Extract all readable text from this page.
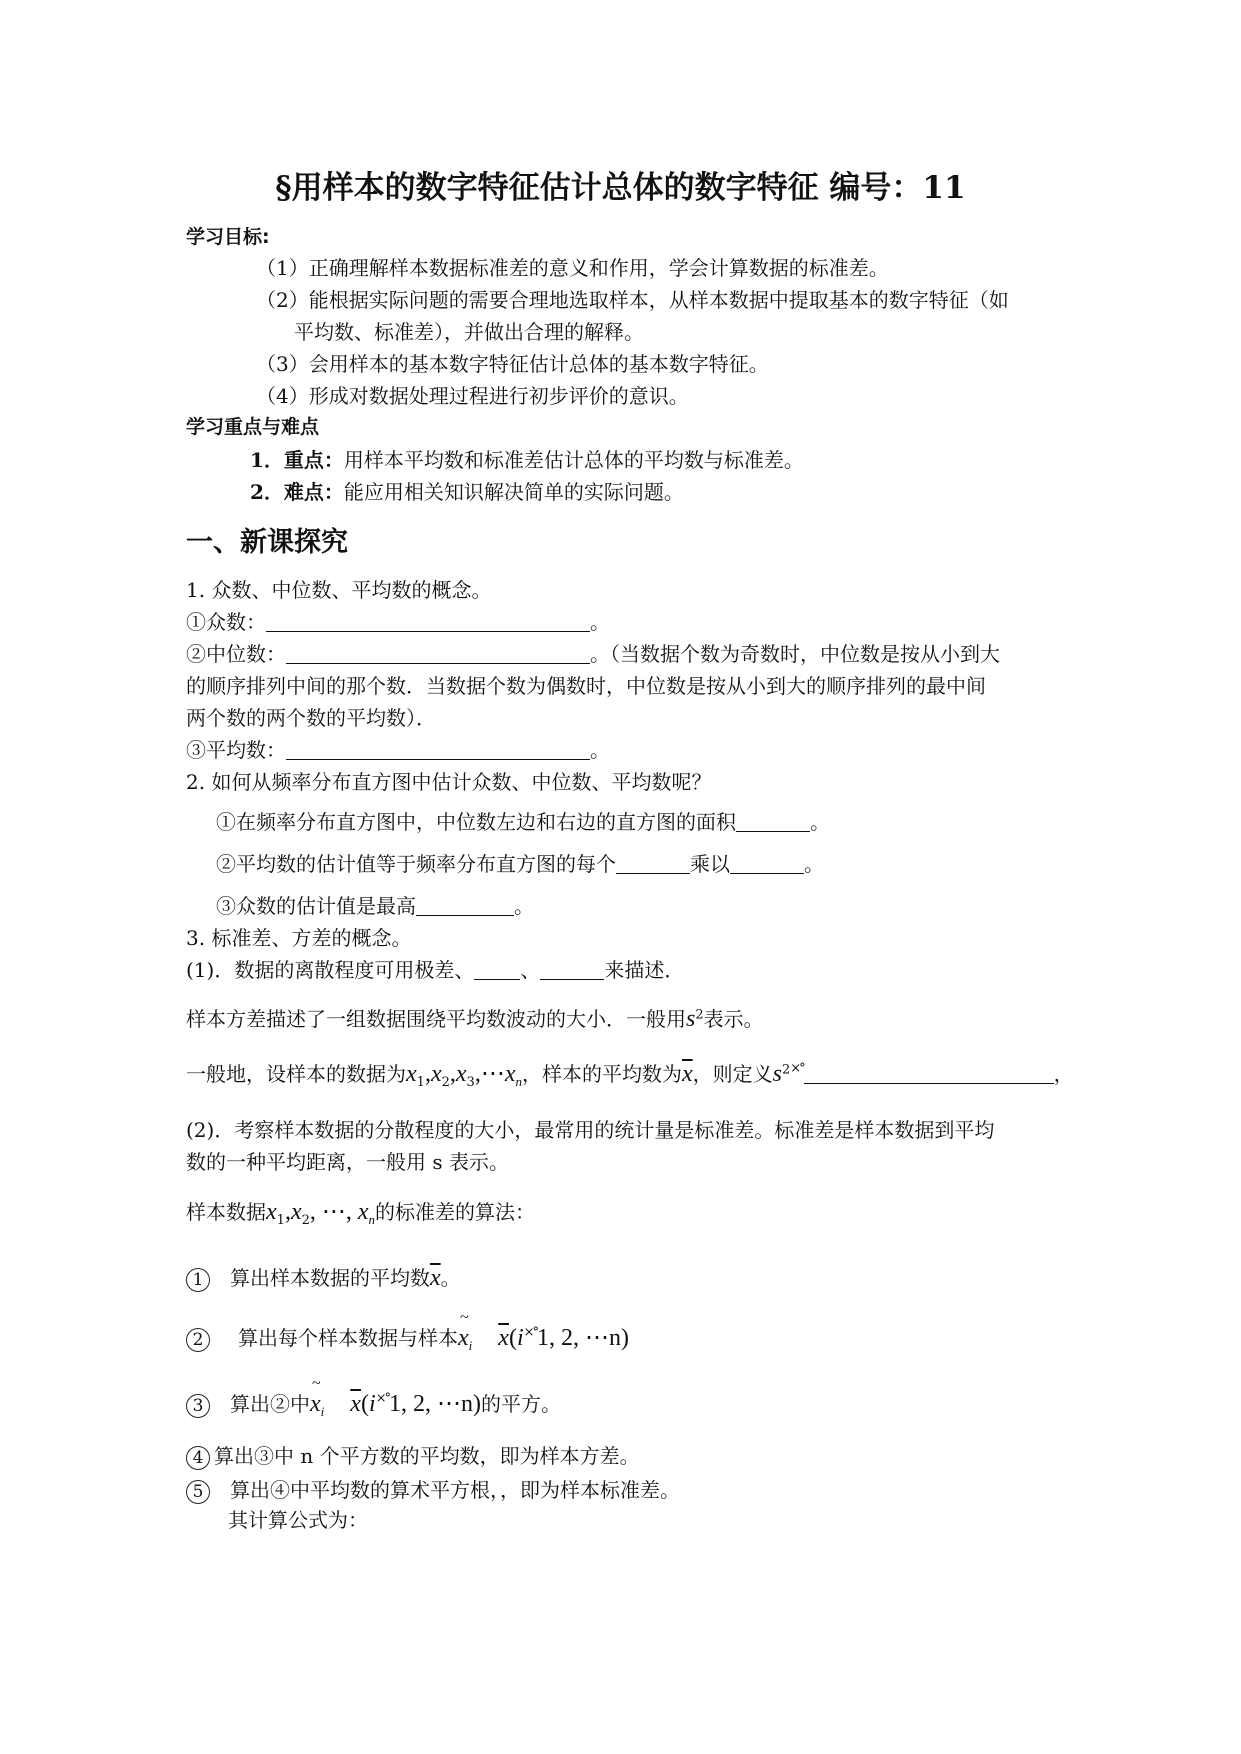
§用样本的数字特征估计总体的数字特征 编号：11
学习目标:
（1）正确理解样本数据标准差的意义和作用，学会计算数据的标准差。
（2）能根据实际问题的需要合理地选取样本，从样本数据中提取基本的数字特征（如
平均数、标准差），并做出合理的解释。
（3）会用样本的基本数字特征估计总体的基本数字特征。
（4）形成对数据处理过程进行初步评价的意识。
学习重点与难点
1．重点：用样本平均数和标准差估计总体的平均数与标准差。
2．难点：能应用相关知识解决简单的实际问题。
一、新课探究
1. 众数、中位数、平均数的概念。
①众数：	。
②中位数：	。（当数据个数为奇数时，中位数是按从小到大
的顺序排列中间的那个数．当数据个数为偶数时，中位数是按从小到大的顺序排列的最中间
两个数的两个数的平均数）．
③平均数：	。
2. 如何从频率分布直方图中估计众数、中位数、平均数呢？
①在频率分布直方图中，中位数左边和右边的直方图的面积	。
②平均数的估计值等于频率分布直方图的每个	乘以	。
③众数的估计值是最高	。
3. 标准差、方差的概念。
(1)．数据的离散程度可用极差、 、	来描述．
样本方差描述了一组数据围绕平均数波动的大小．一般用$s^2$表示。
一般地，设样本的数据为$x_1,x_2,x_3,\cdots x_n$，样本的平均数为$\overline{x}$，则定义$s^{2\times^\circ}$	，
(2)．考察样本数据的分散程度的大小，最常用的统计量是标准差。标准差是样本数据到平均
数的一种平均距离，一般用 s 表示。
样本数据$x_1,x_2$, ⋯, $x_n$的标准差的算法：
1 算出样本数据的平均数$\overline{x}$。
2 算出每个样本数据与样本~ $x_i$ $\overline{x}(i^{\times^\circ}1$, 2, ⋯n)
3 算出②中~ $x_i$ $\overline{x}(i^{\times^\circ}1$, 2, ⋯n)的平方。
4 算出③中 n 个平方数的平均数，即为样本方差。
5 算出④中平均数的算术平方根，，即为样本标准差。
其计算公式为：
